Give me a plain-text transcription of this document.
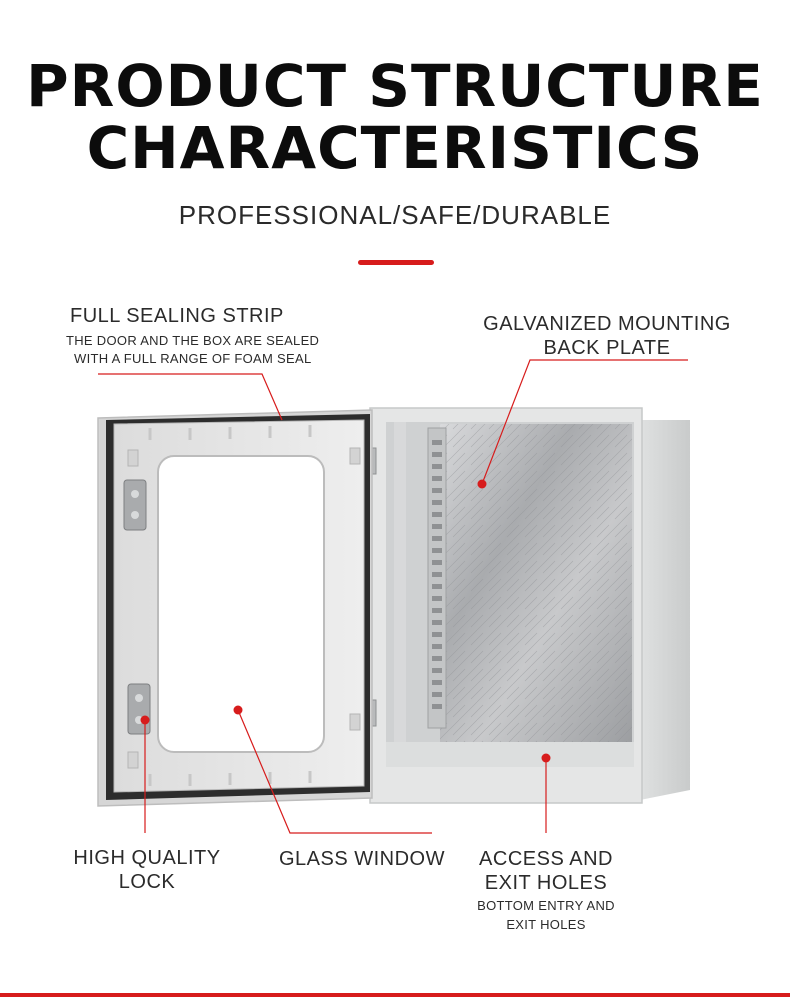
PRODUCT STRUCTURE
CHARACTERISTICS
PROFESSIONAL/SAFE/DURABLE
FULL SEALING STRIP
THE DOOR AND THE BOX ARE SEALED
WITH A FULL RANGE OF FOAM SEAL
GALVANIZED MOUNTING
BACK PLATE
HIGH QUALITY
LOCK
GLASS WINDOW	ACCESS AND
EXIT HOLES
BOTTOM ENTRY AND
EXIT HOLES
